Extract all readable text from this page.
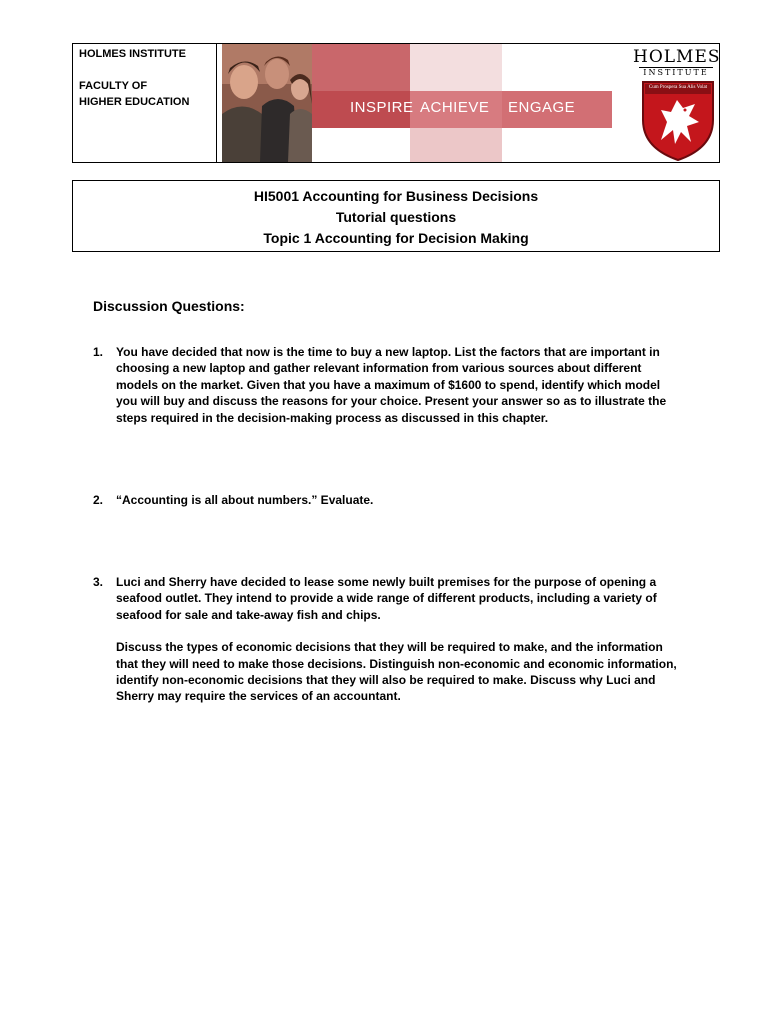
HOLMES INSTITUTE
FACULTY OF
HIGHER EDUCATION	INSPIRE ACHIEVE ENGAGE
HOLMES
INSTITUTE
Cum Prospera Sua Alis Volat
HI5001 Accounting for Business Decisions
Tutorial questions
Topic 1 Accounting for Decision Making
Discussion Questions:
1.	You have decided that now is the time to buy a new laptop. List the factors that are important in choosing a new laptop and gather relevant information from various sources about different models on the market. Given that you have a maximum of $1600 to spend, identify which model you will buy and discuss the reasons for your choice. Present your answer so as to illustrate the steps required in the decision-making process as discussed in this chapter.
2.	“Accounting is all about numbers.” Evaluate.
3.	Luci and Sherry have decided to lease some newly built premises for the purpose of opening a seafood outlet. They intend to provide a wide range of different products, including a variety of seafood for sale and take-away fish and chips.
Discuss the types of economic decisions that they will be required to make, and the information that they will need to make those decisions. Distinguish non-economic and economic information, identify non-economic decisions that they will also be required to make. Discuss why Luci and Sherry may require the services of an accountant.
